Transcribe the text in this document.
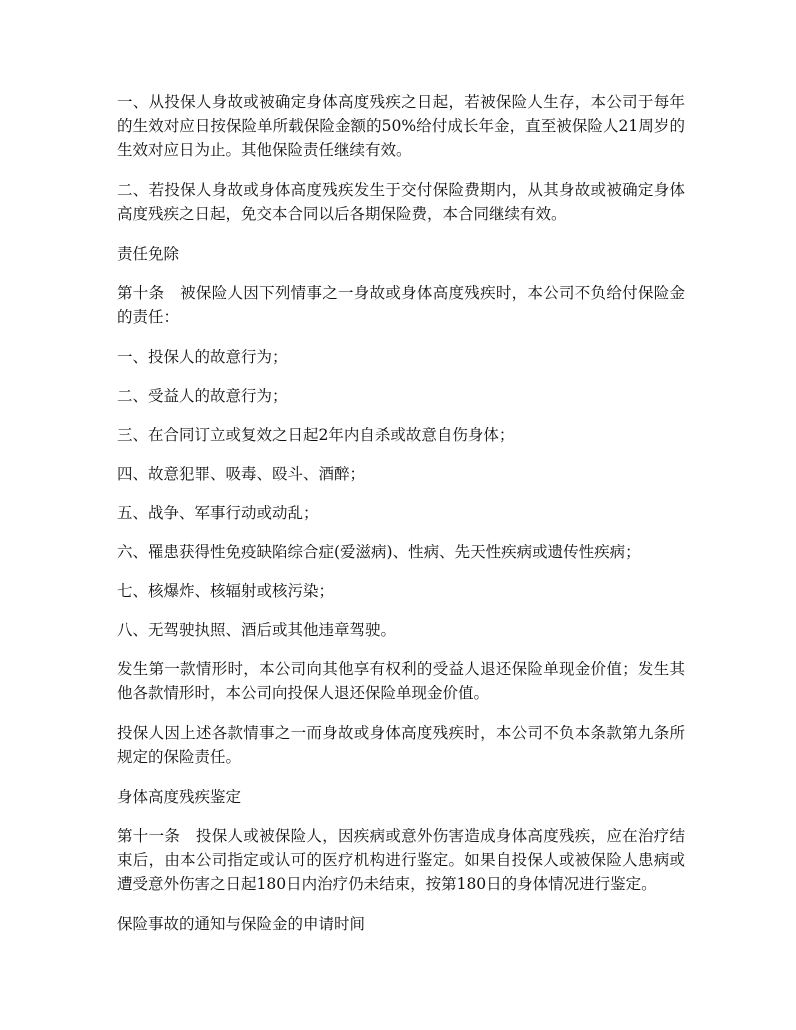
一、从投保人身故或被确定身体高度残疾之日起，若被保险人生存，本公司于每年的生效对应日按保险单所载保险金额的50%给付成长年金，直至被保险人21周岁的生效对应日为止。其他保险责任继续有效。

二、若投保人身故或身体高度残疾发生于交付保险费期内，从其身故或被确定身体高度残疾之日起，免交本合同以后各期保险费，本合同继续有效。

责任免除

第十条　被保险人因下列情事之一身故或身体高度残疾时，本公司不负给付保险金的责任：

一、投保人的故意行为；

二、受益人的故意行为；

三、在合同订立或复效之日起2年内自杀或故意自伤身体；

四、故意犯罪、吸毒、殴斗、酒醉；

五、战争、军事行动或动乱；

六、罹患获得性免疫缺陷综合症(爱滋病)、性病、先天性疾病或遗传性疾病；

七、核爆炸、核辐射或核污染；

八、无驾驶执照、酒后或其他违章驾驶。

发生第一款情形时，本公司向其他享有权利的受益人退还保险单现金价值；发生其他各款情形时，本公司向投保人退还保险单现金价值。

投保人因上述各款情事之一而身故或身体高度残疾时，本公司不负本条款第九条所规定的保险责任。

身体高度残疾鉴定

第十一条　投保人或被保险人，因疾病或意外伤害造成身体高度残疾，应在治疗结束后，由本公司指定或认可的医疗机构进行鉴定。如果自投保人或被保险人患病或遭受意外伤害之日起180日内治疗仍未结束，按第180日的身体情况进行鉴定。

保险事故的通知与保险金的申请时间
